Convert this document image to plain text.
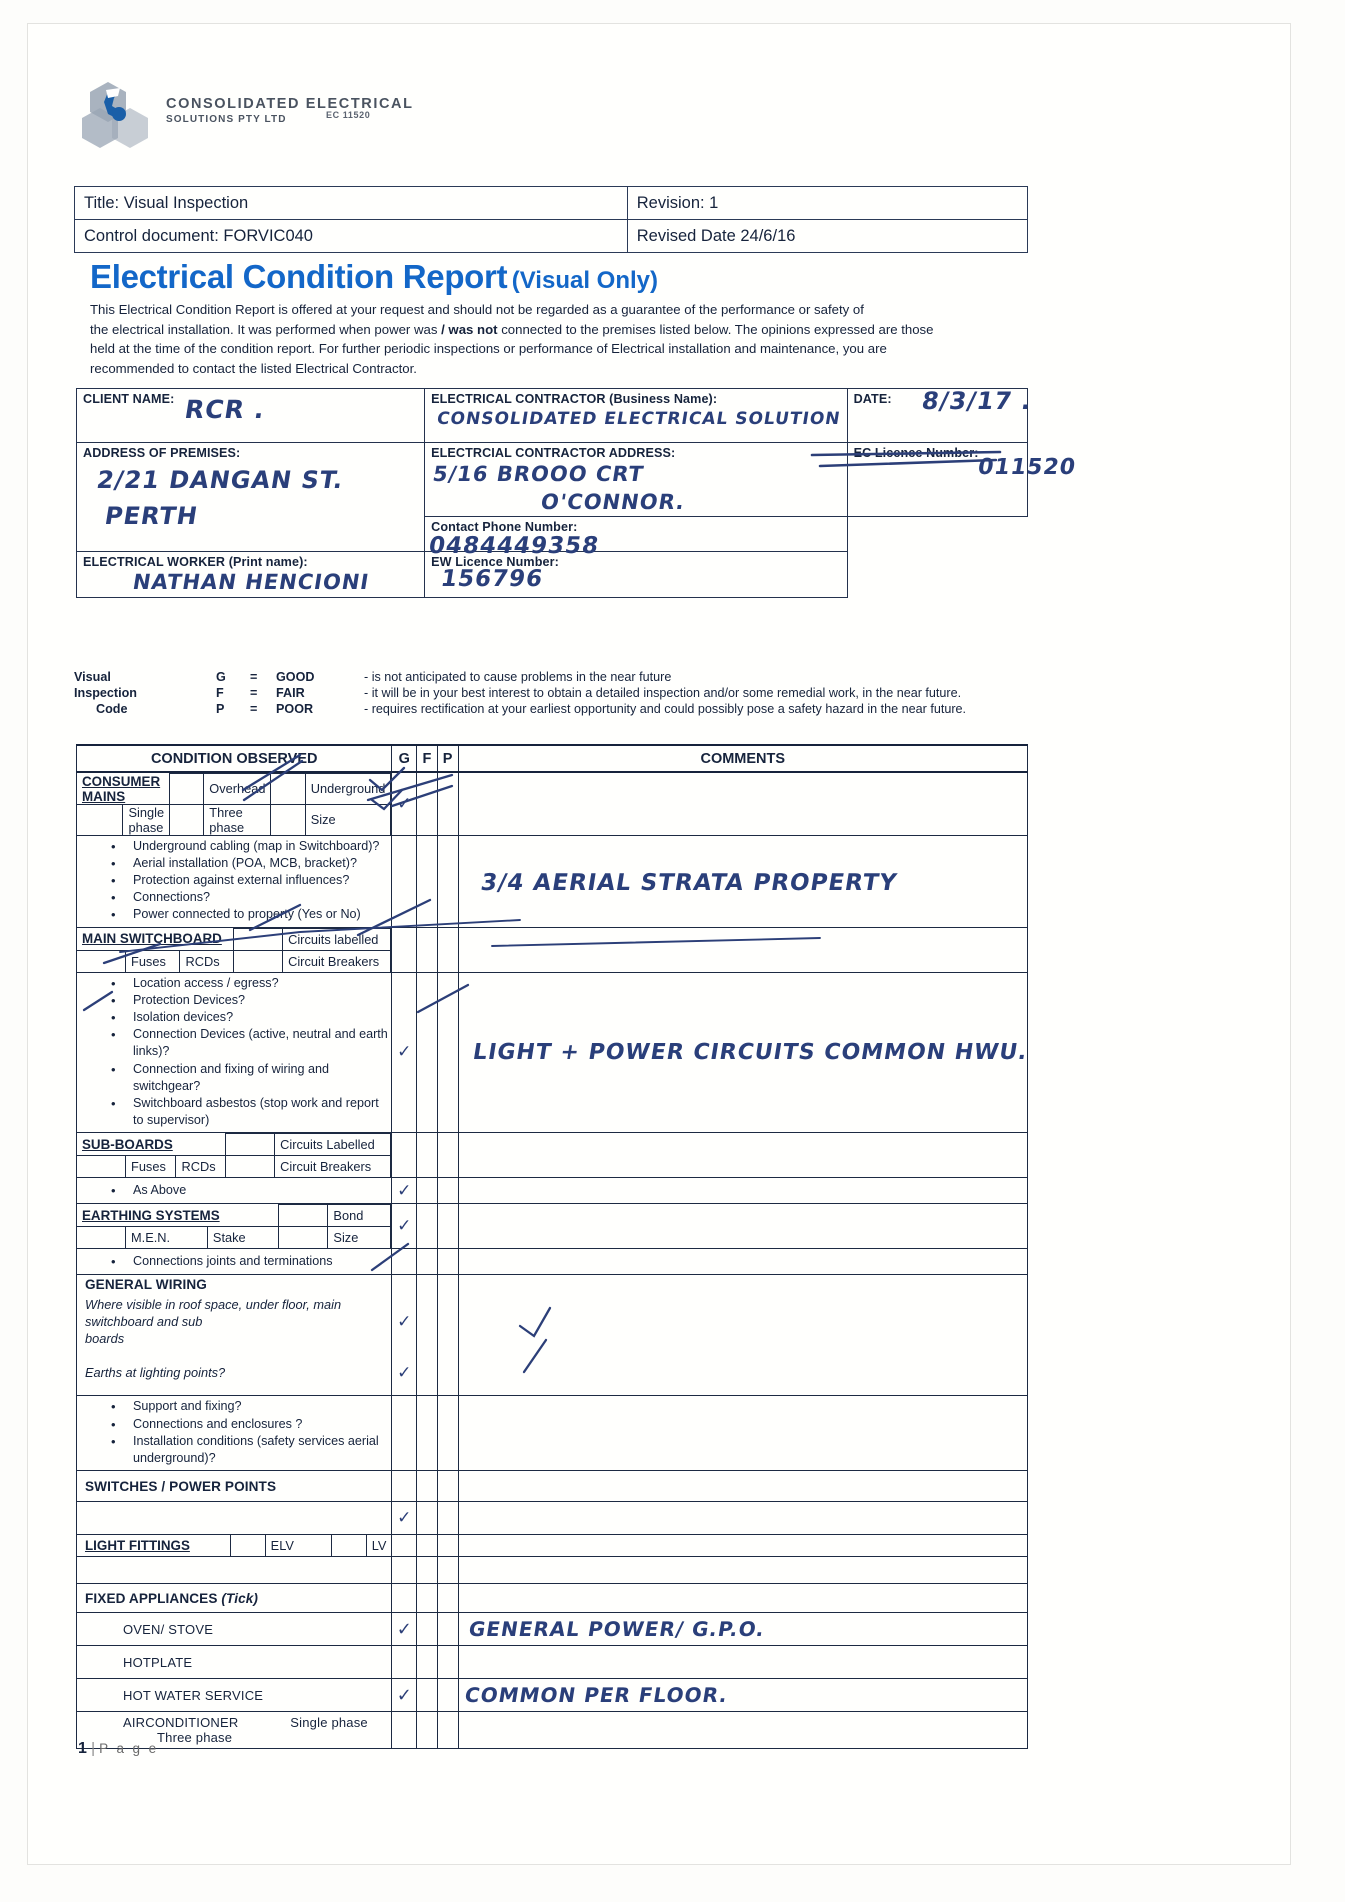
CONSOLIDATED ELECTRICAL
SOLUTIONS PTY LTD	EC 11520
Title: Visual Inspection	Revision: 1
Control document: FORVIC040	Revised Date 24/6/16
Electrical Condition Report (Visual Only)
This Electrical Condition Report is offered at your request and should not be regarded as a guarantee of the performance or safety of
the electrical installation. It was performed when power was / was not connected to the premises listed below. The opinions expressed are those
held at the time of the condition report. For further periodic inspections or performance of Electrical installation and maintenance, you are
recommended to contact the listed Electrical Contractor.
CLIENT NAME: RCR .	ELECTRICAL CONTRACTOR (Business Name):
CONSOLIDATED ELECTRICAL SOLUTION

DATE:	8/3/17 .

ADDRESS OF PREMISES:
2/21 DANGAN ST.
PERTH

ELECTRCIAL CONTRACTOR ADDRESS:
5/16 BROOO CRT
O'CONNOR.

EC Licence Number:
011520

	Contact Phone Number:
0484449358	

ELECTRICAL WORKER (Print name):
NATHAN HENCIONI

EW Licence Number:
156796
Visual	G	=	GOOD	- is not anticipated to cause problems in the near future
Inspection	F	=	FAIR	- it will be in your best interest to obtain a detailed inspection and/or some remedial work, in the near future.
Code	P	=	POOR	- requires rectification at your earliest opportunity and could possibly pose a safety hazard in the near future.
CONDITION OBSERVED	G	F	P	COMMENTS

CONSUMER MAINS		Overhead		Underground
	Single phase		Three phase		Size
	✓			

• Underground cabling (map in Switchboard)?
• Aerial installation (POA, MCB, bracket)?
• Protection against external influences?
• Connections?
• Power connected to property (Yes or No)

3/4 AERIAL STRATA PROPERTY

MAIN SWITCHBOARD		Circuits labelled
	Fuses	RCDs		Circuit Breakers

• Location access / egress?
• Protection Devices?
• Isolation devices?
• Connection Devices (active, neutral and earth links)?
• Connection and fixing of wiring and switchgear?
• Switchboard asbestos (stop work and report to supervisor)
	✓			LIGHT + POWER CIRCUITS COMMON HWU.

SUB-BOARDS		Circuits Labelled
	Fuses	RCDs		Circuit Breakers

• As Above	✓			

EARTHING SYSTEMS		Bond
	M.E.N.	Stake		Size
	✓			

• Connections joints and terminations

GENERAL WIRING				
Where visible in roof space, under floor, main switchboard and sub
boards	✓			
Earths at lighting points?	✓			

• Support and fixing?
• Connections and enclosures ?
• Installation conditions (safety services aerial underground)?

SWITCHES / POWER POINTS				
	✓			

LIGHT FITTINGS		ELV		LV

FIXED APPLIANCES (Tick)				
OVEN/ STOVE	✓			GENERAL POWER/ G.P.O.

HOTPLATE				

HOT WATER SERVICE	✓			COMMON PER FLOOR.

AIRCONDITIONER	Single phase Three phase				
1 | P a g e
